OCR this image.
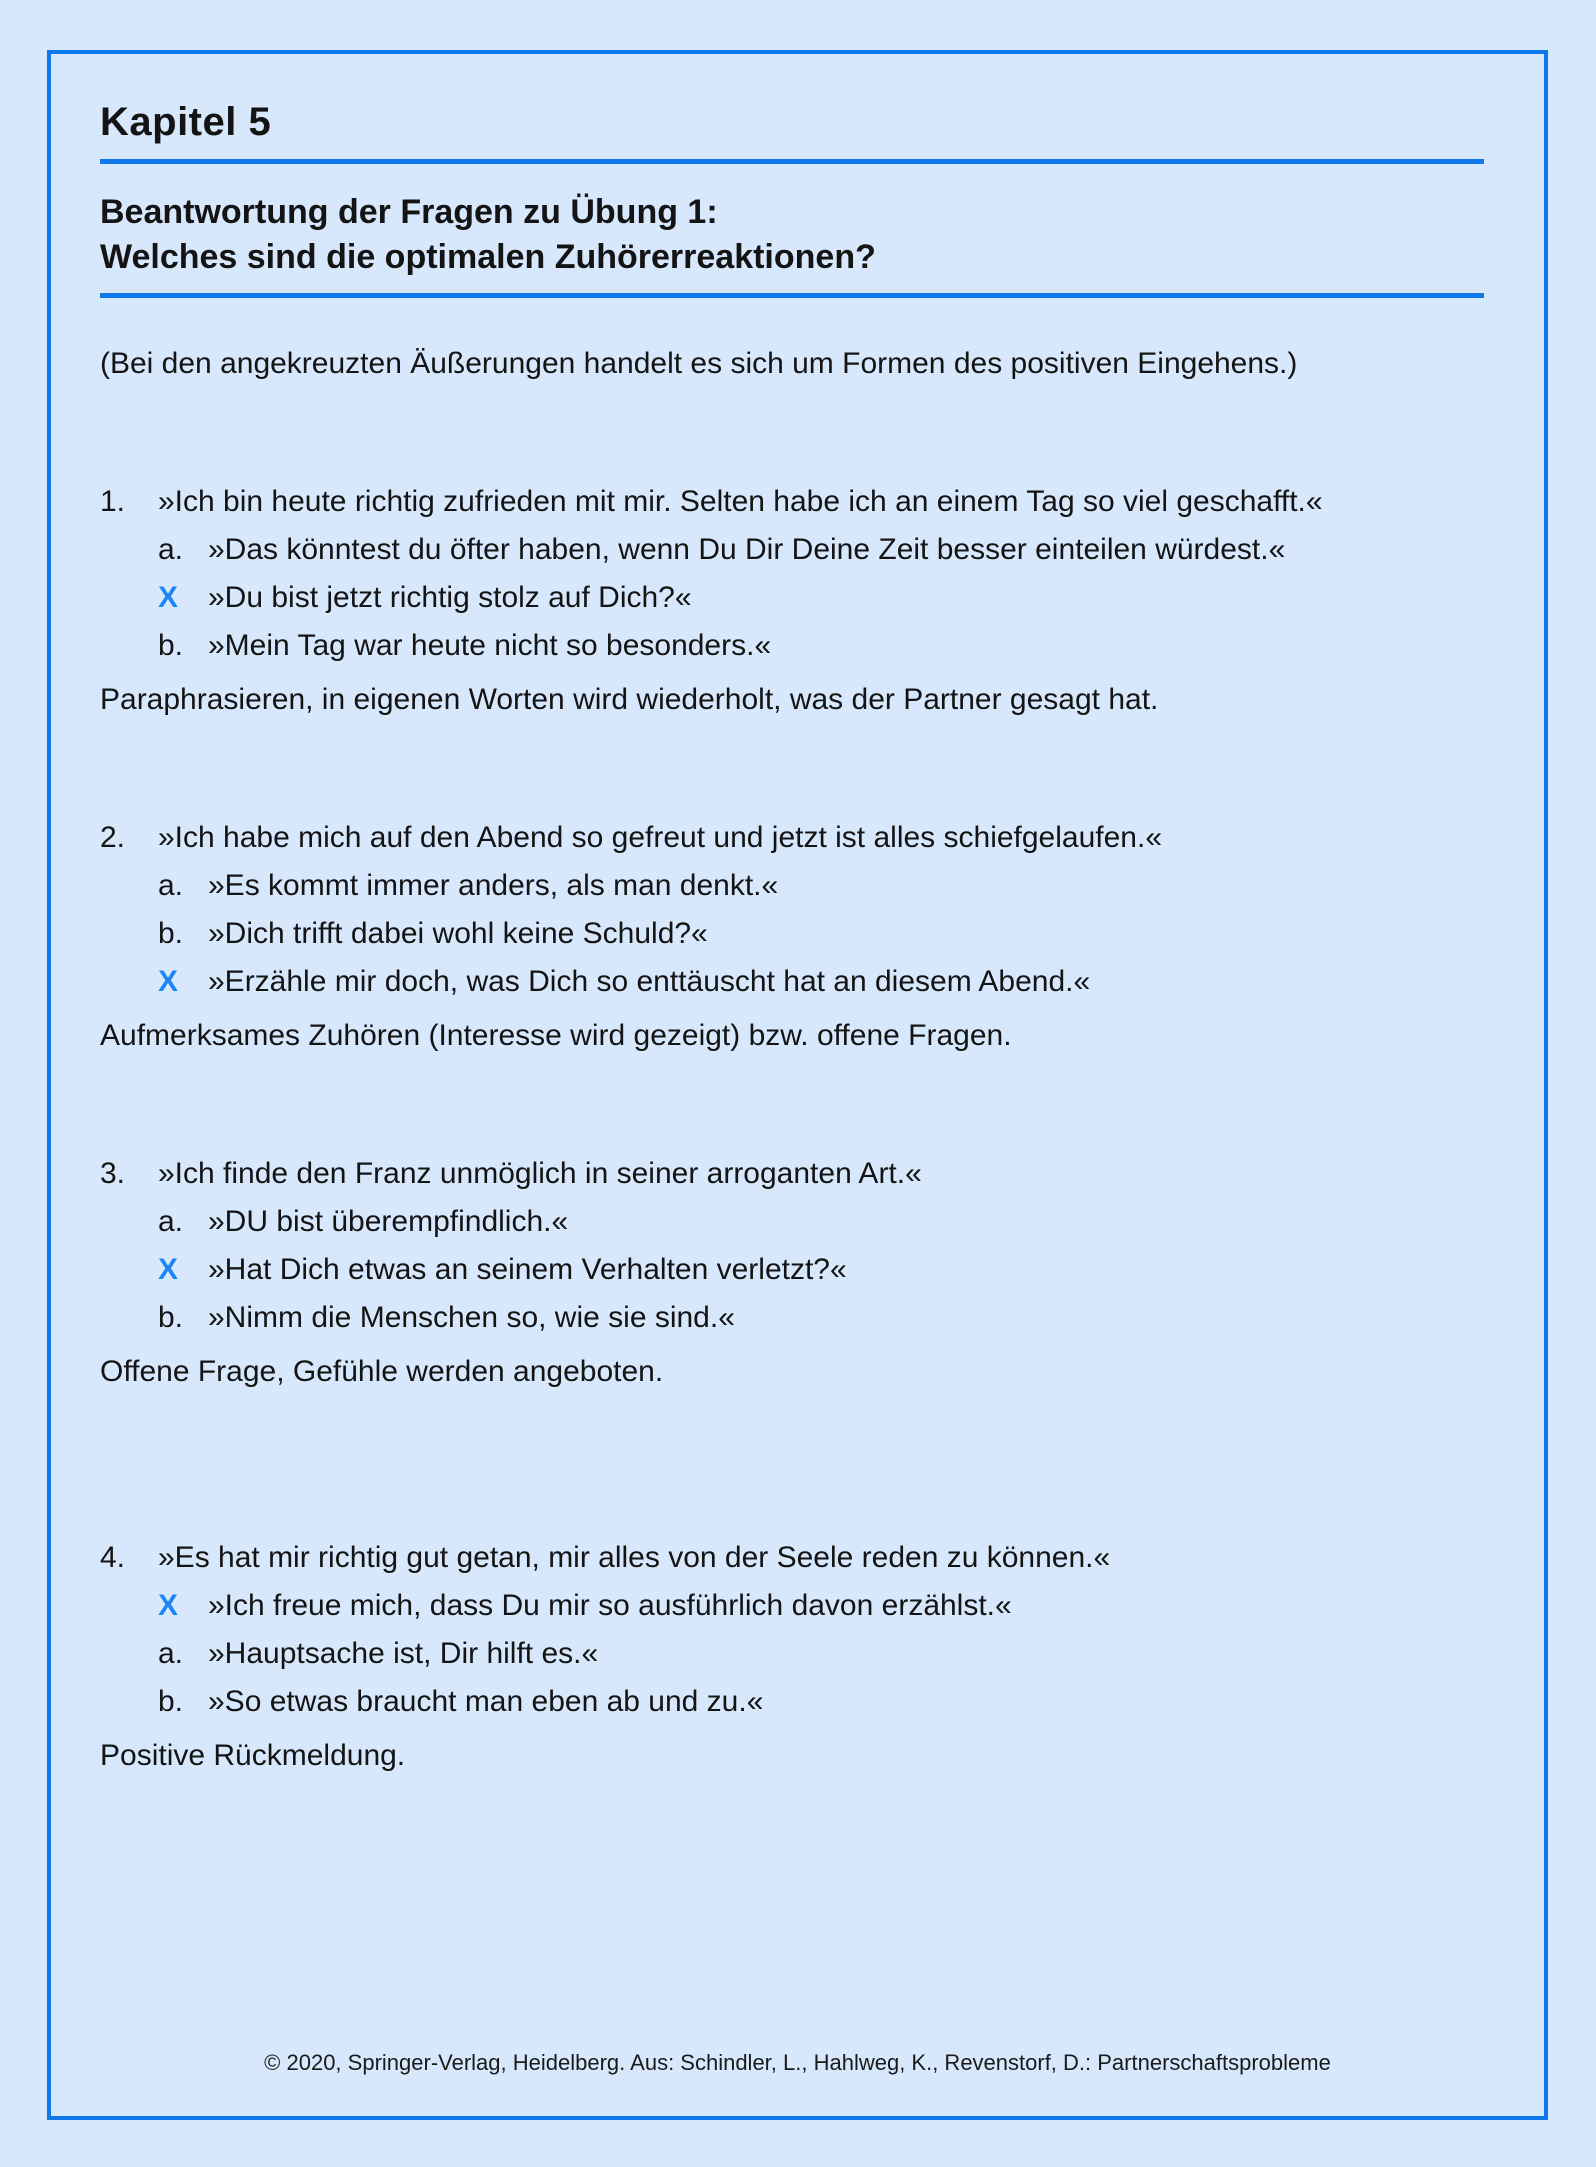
Kapitel 5
Beantwortung der Fragen zu Übung 1:
Welches sind die optimalen Zuhörerreaktionen?

(Bei den angekreuzten Äußerungen handelt es sich um Formen des positiven Eingehens.)

1.	»Ich bin heute richtig zufrieden mit mir. Selten habe ich an einem Tag so viel geschafft.«
a. »Das könntest du öfter haben, wenn Du Dir Deine Zeit besser einteilen würdest.«
X »Du bist jetzt richtig stolz auf Dich?«
b. »Mein Tag war heute nicht so besonders.«
Paraphrasieren, in eigenen Worten wird wiederholt, was der Partner gesagt hat.
2.	»Ich habe mich auf den Abend so gefreut und jetzt ist alles schiefgelaufen.«
a. »Es kommt immer anders, als man denkt.«
b. »Dich trifft dabei wohl keine Schuld?«
X »Erzähle mir doch, was Dich so enttäuscht hat an diesem Abend.«
Aufmerksames Zuhören (Interesse wird gezeigt) bzw. offene Fragen.
3.	»Ich finde den Franz unmöglich in seiner arroganten Art.«
a. »DU bist überempfindlich.«
X »Hat Dich etwas an seinem Verhalten verletzt?«
b. »Nimm die Menschen so, wie sie sind.«
Offene Frage, Gefühle werden angeboten.
4.	»Es hat mir richtig gut getan, mir alles von der Seele reden zu können.«
X »Ich freue mich, dass Du mir so ausführlich davon erzählst.«
a. »Hauptsache ist, Dir hilft es.«
b. »So etwas braucht man eben ab und zu.«
Positive Rückmeldung.
© 2020, Springer-Verlag, Heidelberg. Aus: Schindler, L., Hahlweg, K., Revenstorf, D.: Partnerschaftsprobleme
